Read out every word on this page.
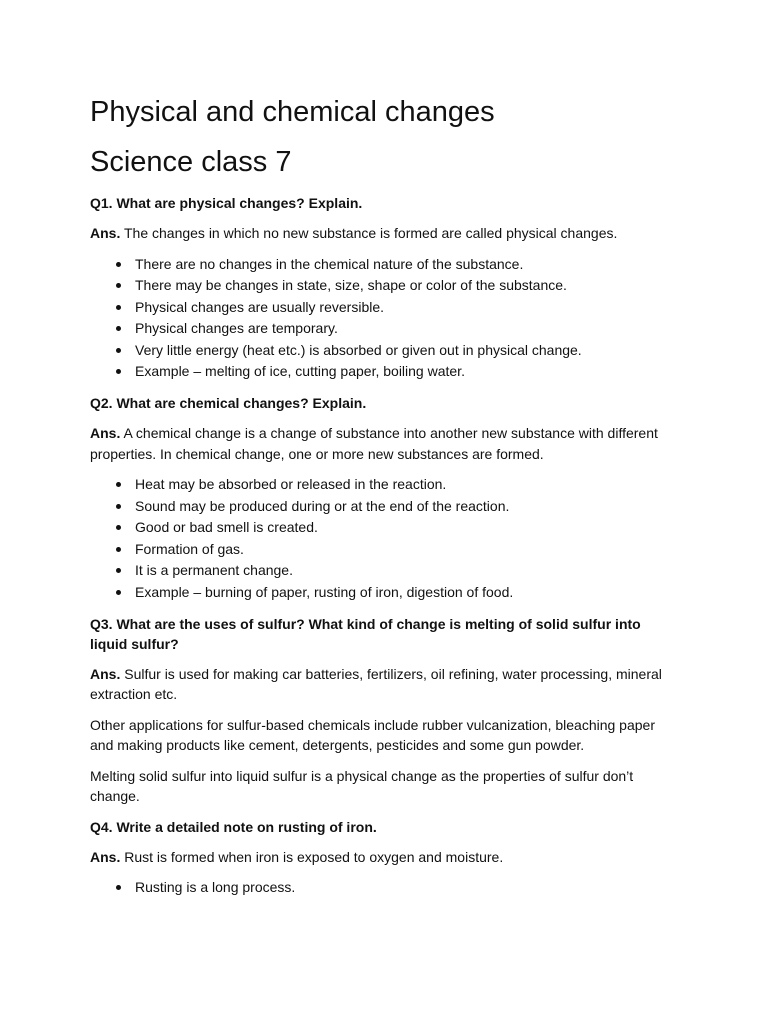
Physical and chemical changes
Science class 7
Q1. What are physical changes? Explain.
Ans. The changes in which no new substance is formed are called physical changes.
There are no changes in the chemical nature of the substance.
There may be changes in state, size, shape or color of the substance.
Physical changes are usually reversible.
Physical changes are temporary.
Very little energy (heat etc.) is absorbed or given out in physical change.
Example – melting of ice, cutting paper, boiling water.
Q2. What are chemical changes? Explain.
Ans. A chemical change is a change of substance into another new substance with different properties. In chemical change, one or more new substances are formed.
Heat may be absorbed or released in the reaction.
Sound may be produced during or at the end of the reaction.
Good or bad smell is created.
Formation of gas.
It is a permanent change.
Example – burning of paper, rusting of iron, digestion of food.
Q3. What are the uses of sulfur? What kind of change is melting of solid sulfur into liquid sulfur?
Ans. Sulfur is used for making car batteries, fertilizers, oil refining, water processing, mineral extraction etc.
Other applications for sulfur-based chemicals include rubber vulcanization, bleaching paper and making products like cement, detergents, pesticides and some gun powder.
Melting solid sulfur into liquid sulfur is a physical change as the properties of sulfur don’t change.
Q4. Write a detailed note on rusting of iron.
Ans. Rust is formed when iron is exposed to oxygen and moisture.
Rusting is a long process.
